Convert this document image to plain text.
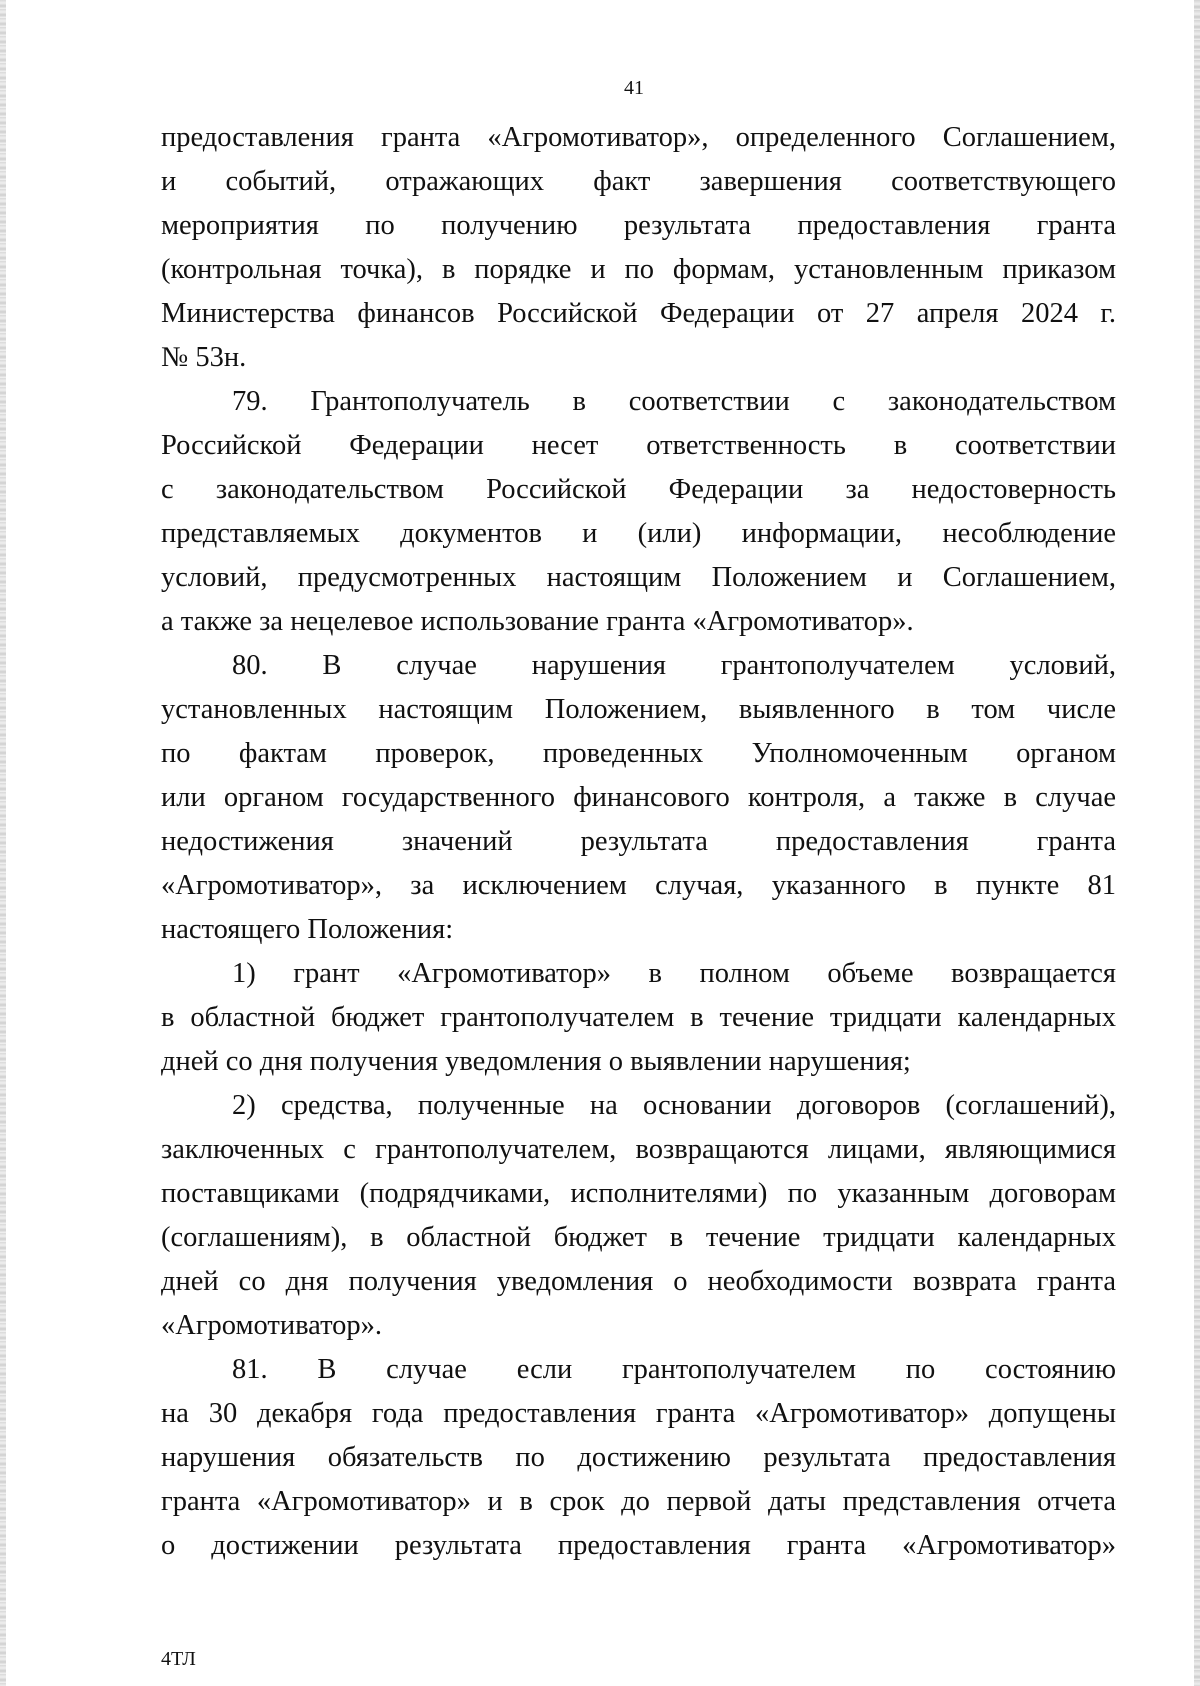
41
предоставления гранта «Агромотиватор», определенного Соглашением,
и событий, отражающих факт завершения соответствующего
мероприятия по получению результата предоставления гранта
(контрольная точка), в порядке и по формам, установленным приказом
Министерства финансов Российской Федерации от 27 апреля 2024 г.
№ 53н.
79. Грантополучатель в соответствии с законодательством
Российской Федерации несет ответственность в соответствии
с законодательством Российской Федерации за недостоверность
представляемых документов и (или) информации, несоблюдение
условий, предусмотренных настоящим Положением и Соглашением,
а также за нецелевое использование гранта «Агромотиватор».
80. В случае нарушения грантополучателем условий,
установленных настоящим Положением, выявленного в том числе
по фактам проверок, проведенных Уполномоченным органом
или органом государственного финансового контроля, а также в случае
недостижения значений результата предоставления гранта
«Агромотиватор», за исключением случая, указанного в пункте 81
настоящего Положения:
1) грант «Агромотиватор» в полном объеме возвращается
в областной бюджет грантополучателем в течение тридцати календарных
дней со дня получения уведомления о выявлении нарушения;
2) средства, полученные на основании договоров (соглашений),
заключенных с грантополучателем, возвращаются лицами, являющимися
поставщиками (подрядчиками, исполнителями) по указанным договорам
(соглашениям), в областной бюджет в течение тридцати календарных
дней со дня получения уведомления о необходимости возврата гранта
«Агромотиватор».
81. В случае если грантополучателем по состоянию
на 30 декабря года предоставления гранта «Агромотиватор» допущены
нарушения обязательств по достижению результата предоставления
гранта «Агромотиватор» и в срок до первой даты представления отчета
о достижении результата предоставления гранта «Агромотиватор»
4ТЛ
